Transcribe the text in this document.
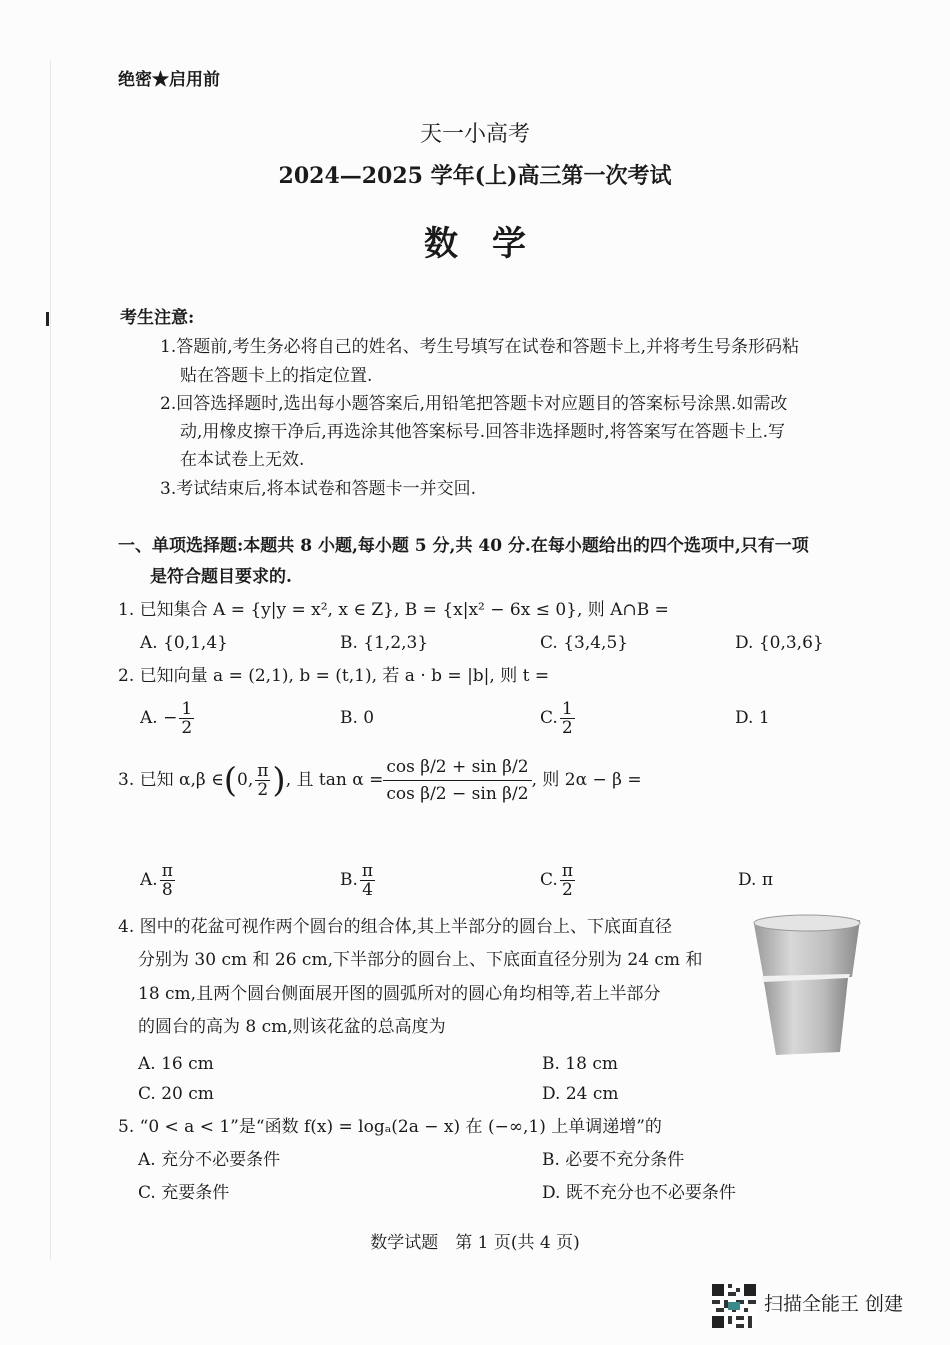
绝密★启用前
天一小高考
2024—2025 学年(上)高三第一次考试
数　学
考生注意:
1.答题前,考生务必将自己的姓名、考生号填写在试卷和答题卡上,并将考生号条形码粘
贴在答题卡上的指定位置.
2.回答选择题时,选出每小题答案后,用铅笔把答题卡对应题目的答案标号涂黑.如需改
动,用橡皮擦干净后,再选涂其他答案标号.回答非选择题时,将答案写在答题卡上.写
在本试卷上无效.
3.考试结束后,将本试卷和答题卡一并交回.
一、单项选择题:本题共 8 小题,每小题 5 分,共 40 分.在每小题给出的四个选项中,只有一项
是符合题目要求的.
1. 已知集合 A = {y|y = x², x ∈ Z}, B = {x|x² − 6x ≤ 0}, 则 A∩B =
A. {0,1,4}	B. {1,2,3}	C. {3,4,5}	D. {0,3,6}
2. 已知向量 a = (2,1), b = (t,1), 若 a · b = |b|, 则 t =
A. − $\frac{1}{2}$	B. 0	C. $\frac{1}{2}$	D. 1
3. 已知 α,β ∈(0, $\frac{\pi}{2}$ ), 且 $\tan \alpha = \frac{\text{cos β/2 + sin β/2}}{\text{cos β/2 − sin β/2}}$ , 则 2α − β =
A. $\frac{\pi}{8}$	B. $\frac{\pi}{4}$	C. $\frac{\pi}{2}$	D. π
4. 图中的花盆可视作两个圆台的组合体,其上半部分的圆台上、下底面直径
分别为 30 cm 和 26 cm,下半部分的圆台上、下底面直径分别为 24 cm 和
18 cm,且两个圆台侧面展开图的圆弧所对的圆心角均相等,若上半部分
的圆台的高为 8 cm,则该花盆的总高度为
A. 16 cm	B. 18 cm
C. 20 cm	D. 24 cm
5. “0 < a < 1”是“函数 f(x) = logₐ(2a − x) 在 (−∞,1) 上单调递增”的
A. 充分不必要条件	B. 必要不充分条件
C. 充要条件	D. 既不充分也不必要条件
数学试题　第 1 页(共 4 页)
扫描全能王 创建
